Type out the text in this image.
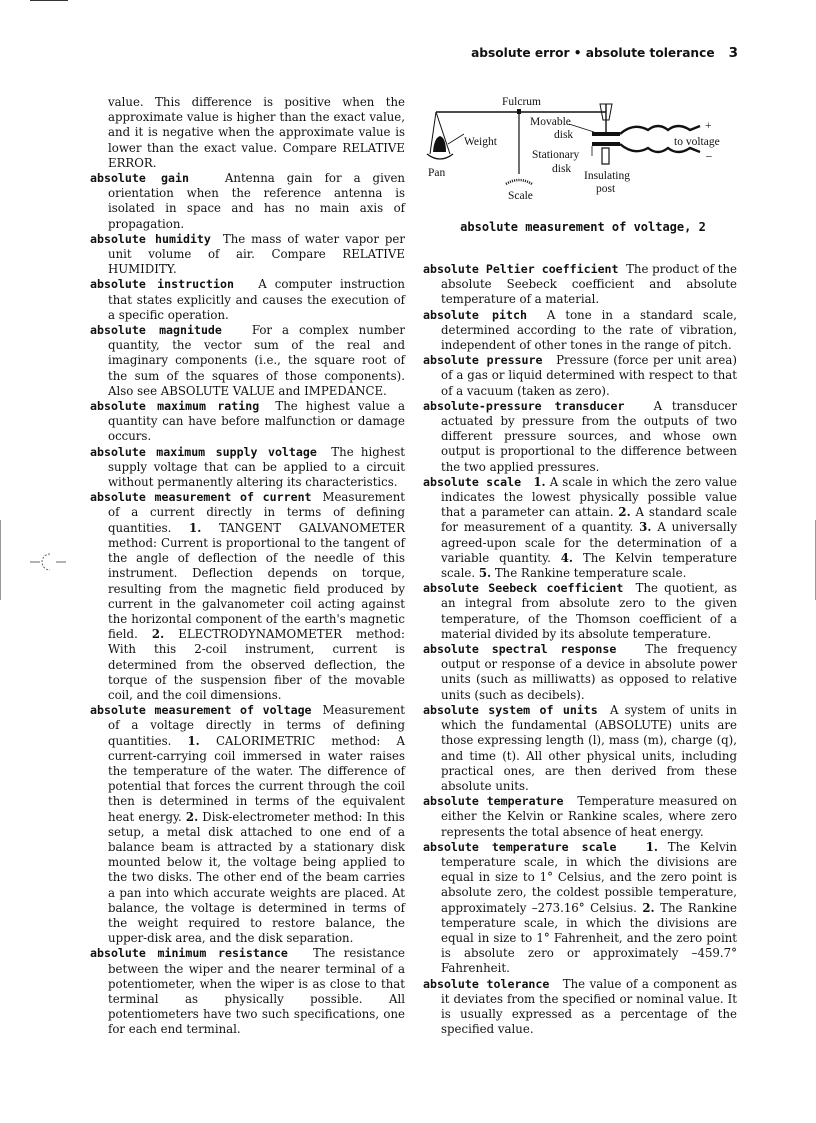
absolute error • absolute tolerance 3
Fulcrum
Movable
disk
Weight
Stationary
disk
Pan
Scale
Insulating
post
to voltage
+
–
absolute measurement of voltage, 2
value. This difference is positive when the approximate value is higher than the exact value, and it is negative when the approximate value is lower than the exact value. Compare RELATIVE ERROR.
absolute gain	Antenna gain for a given orientation when the reference antenna is isolated in space and has no main axis of propagation.
absolute humidity The mass of water vapor per unit volume of air. Compare RELATIVE HUMIDITY.
absolute instruction A computer instruction that states explicitly and causes the execution of a specific operation.
absolute magnitude	For a complex number quantity, the vector sum of the real and imaginary components (i.e., the square root of the sum of the squares of those components). Also see ABSOLUTE VALUE and IMPEDANCE.
absolute maximum rating The highest value a quantity can have before malfunction or damage occurs.
absolute maximum supply voltage The highest supply voltage that can be applied to a circuit without permanently altering its characteristics.
absolute measurement of current Measurement of a current directly in terms of defining quantities. 1. TANGENT GALVANOMETER method: Current is proportional to the tangent of the angle of deflection of the needle of this instrument. Deflection depends on torque, resulting from the magnetic field produced by current in the galvanometer coil acting against the horizontal component of the earth's magnetic field. 2. ELECTRODYNAMOMETER method: With this 2-coil instrument, current is determined from the observed deflection, the torque of the suspension fiber of the movable coil, and the coil dimensions.
absolute measurement of voltage Measurement of a voltage directly in terms of defining quantities. 1. CALORIMETRIC method: A current-carrying coil immersed in water raises the temperature of the water. The difference of potential that forces the current through the coil then is determined in terms of the equivalent heat energy. 2. Disk-electrometer method: In this setup, a metal disk attached to one end of a balance beam is attracted by a stationary disk mounted below it, the voltage being applied to the two disks. The other end of the beam carries a pan into which accurate weights are placed. At balance, the voltage is determined in terms of the weight required to restore balance, the upper-disk area, and the disk separation.
absolute minimum resistance The resistance between the wiper and the nearer terminal of a potentiometer, when the wiper is as close to that terminal as physically possible. All potentiometers have two such specifications, one for each end terminal.
absolute Peltier coefficient The product of the absolute Seebeck coefficient and absolute temperature of a material.
absolute pitch A tone in a standard scale, determined according to the rate of vibration, independent of other tones in the range of pitch.
absolute pressure Pressure (force per unit area) of a gas or liquid determined with respect to that of a vacuum (taken as zero).
absolute-pressure transducer A transducer actuated by pressure from the outputs of two different pressure sources, and whose own output is proportional to the difference between the two applied pressures.
absolute scale 1. A scale in which the zero value indicates the lowest physically possible value that a parameter can attain. 2. A standard scale for measurement of a quantity. 3. A universally agreed-upon scale for the determination of a variable quantity. 4. The Kelvin temperature scale. 5. The Rankine temperature scale.
absolute Seebeck coefficient The quotient, as an integral from absolute zero to the given temperature, of the Thomson coefficient of a material divided by its absolute temperature.
absolute spectral response The frequency output or response of a device in absolute power units (such as milliwatts) as opposed to relative units (such as decibels).
absolute system of units A system of units in which the fundamental (ABSOLUTE) units are those expressing length (l), mass (m), charge (q), and time (t). All other physical units, including practical ones, are then derived from these absolute units.
absolute temperature Temperature measured on either the Kelvin or Rankine scales, where zero represents the total absence of heat energy.
absolute temperature scale 1. The Kelvin temperature scale, in which the divisions are equal in size to 1° Celsius, and the zero point is absolute zero, the coldest possible temperature, approximately –273.16° Celsius. 2. The Rankine temperature scale, in which the divisions are equal in size to 1° Fahrenheit, and the zero point is absolute zero or approximately –459.7° Fahrenheit.
absolute tolerance The value of a component as it deviates from the specified or nominal value. It is usually expressed as a percentage of the specified value.
